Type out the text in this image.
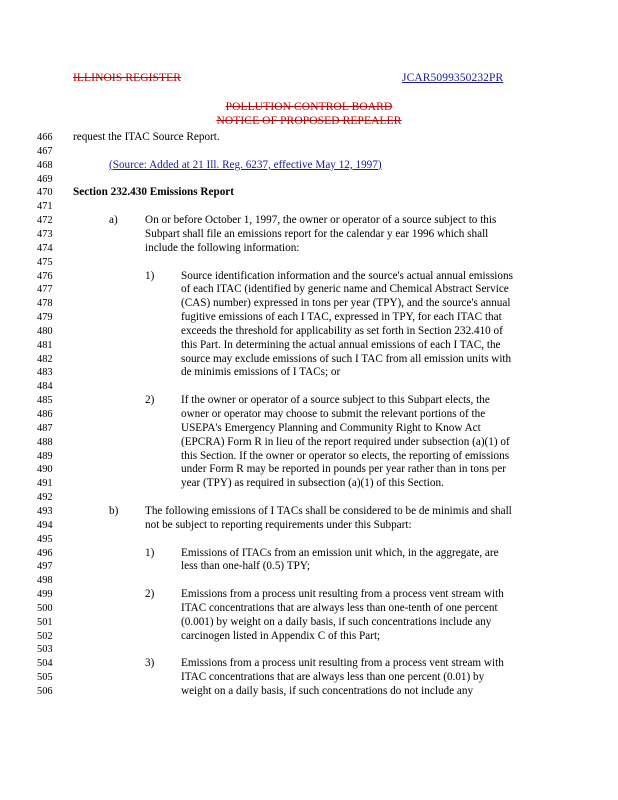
ILLINOIS REGISTER	JCAR5099350232PR
POLLUTION CONTROL BOARD
NOTICE OF PROPOSED REPEALER
466	request the ITAC Source Report.
467
468	(Source: Added at 21 Ill. Reg. 6237, effective May 12, 1997)
469
470	Section 232.430 Emissions Report
471
472	a) On or before October 1, 1997, the owner or operator of a source subject to this
473	Subpart shall file an emissions report for the calendar y ear 1996 which shall
474	include the following information:
475
476	1) Source identification information and the source's actual annual emissions
477	of each ITAC (identified by generic name and Chemical Abstract Service
478	(CAS) number) expressed in tons per year (TPY), and the source's annual
479	fugitive emissions of each I TAC, expressed in TPY, for each ITAC that
480	exceeds the threshold for applicability as set forth in Section 232.410 of
481	this Part. In determining the actual annual emissions of each I TAC, the
482	source may exclude emissions of such I TAC from all emission units with
483	de minimis emissions of I TACs; or
484
485	2) If the owner or operator of a source subject to this Subpart elects, the
486	owner or operator may choose to submit the relevant portions of the
487	USEPA's Emergency Planning and Community Right to Know Act
488	(EPCRA) Form R in lieu of the report required under subsection (a)(1) of
489	this Section. If the owner or operator so elects, the reporting of emissions
490	under Form R may be reported in pounds per year rather than in tons per
491	year (TPY) as required in subsection (a)(1) of this Section.
492
493	b) The following emissions of I TACs shall be considered to be de minimis and shall
494	not be subject to reporting requirements under this Subpart:
495
496	1) Emissions of ITACs from an emission unit which, in the aggregate, are
497	less than one-half (0.5) TPY;
498
499	2) Emissions from a process unit resulting from a process vent stream with
500	ITAC concentrations that are always less than one-tenth of one percent
501	(0.001) by weight on a daily basis, if such concentrations include any
502	carcinogen listed in Appendix C of this Part;
503
504	3) Emissions from a process unit resulting from a process vent stream with
505	ITAC concentrations that are always less than one percent (0.01) by
506	weight on a daily basis, if such concentrations do not include any
